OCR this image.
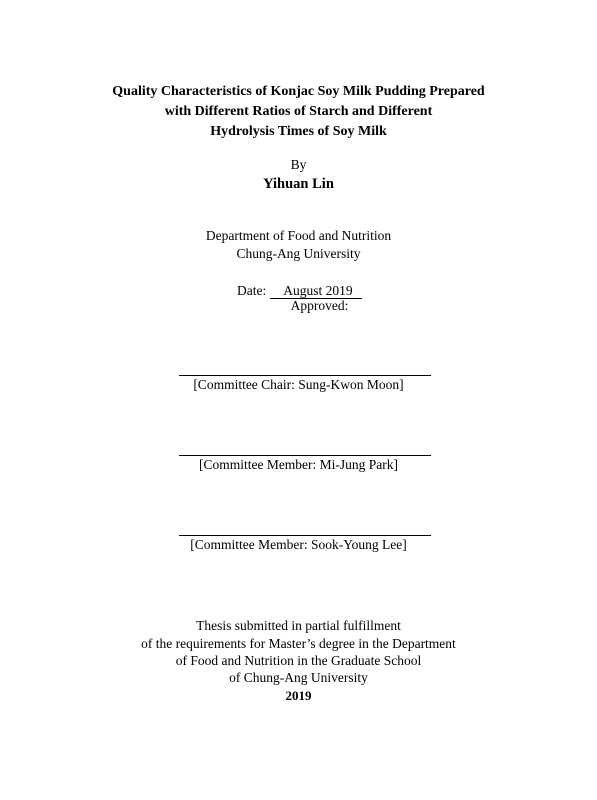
Quality Characteristics of Konjac Soy Milk Pudding Prepared
with Different Ratios of Starch and Different
Hydrolysis Times of Soy Milk
By
Yihuan Lin
Department of Food and Nutrition
Chung-Ang University
Date: August 2019
Approved:
[Committee Chair: Sung-Kwon Moon]
[Committee Member: Mi-Jung Park]
[Committee Member: Sook-Young Lee]
Thesis submitted in partial fulfillment
of the requirements for Master’s degree in the Department
of Food and Nutrition in the Graduate School
of Chung-Ang University
2019
